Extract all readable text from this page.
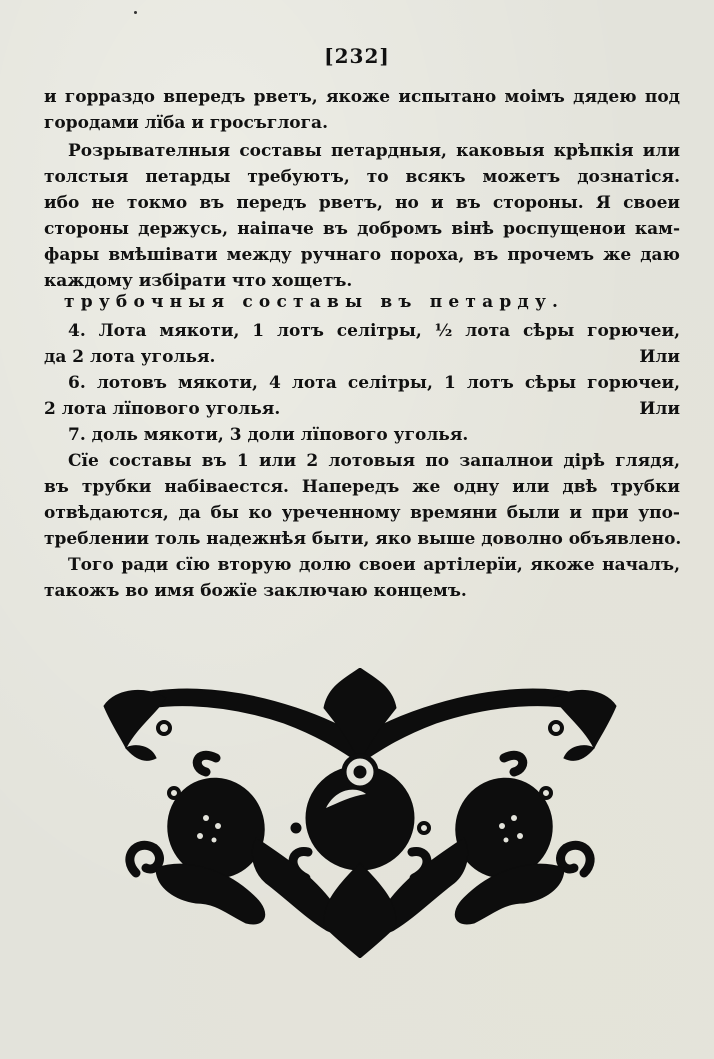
[232]
и горраздо впередъ рветъ, якоже испытано моімъ дядею под
городами лїба и гросъглога.
Розрывателныя составы петардныя, каковыя крѣпкія или
толстыя петарды требуютъ, то всякъ можетъ дознатіся.
ибо не токмо въ передъ рветъ, но и въ стороны. Я своеи
стороны держусь, наіпаче въ добромъ вінѣ роспущенои кам-
фары вмѣшівати между ручнаго пороха, въ прочемъ же даю
каждому избірати что хощетъ.
трубочныя составы въ петарду.
4. Лота мякоти, 1 лотъ селітры, ½ лота сѣры горючеи,
да 2 лота уголья.	Или
6. лотовъ мякоти, 4 лота селітры, 1 лотъ сѣры горючеи,
2 лота лїпового уголья.	Или
7. доль мякоти, 3 доли лїпового уголья.
Сїе составы въ 1 или 2 лотовыя по запалнои дірѣ глядя,
въ трубки набіваестся. Напередъ же одну или двѣ трубки
отвѣдаются, да бы ко уреченному времяни были и при упо-
треблении толь надежнѣя быти, яко выше доволно объявлено.
Того ради сїю вторую долю своеи артілерїи, якоже началъ,
такожъ во имя божїе заключаю концемъ.
